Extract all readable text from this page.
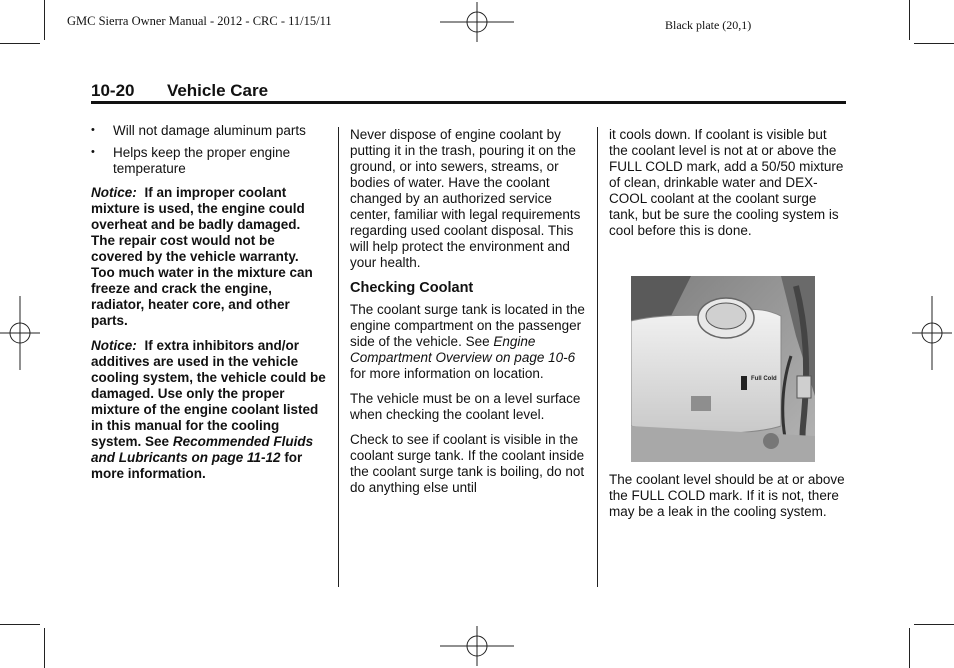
GMC Sierra Owner Manual - 2012 - CRC - 11/15/11	Black plate (20,1)
10-20 Vehicle Care
• Will not damage aluminum parts
• Helps keep the proper engine temperature

Notice: If an improper coolant mixture is used, the engine could overheat and be badly damaged. The repair cost would not be covered by the vehicle warranty. Too much water in the mixture can freeze and crack the engine, radiator, heater core, and other parts.

Notice: If extra inhibitors and/or additives are used in the vehicle cooling system, the vehicle could be damaged. Use only the proper mixture of the engine coolant listed in this manual for the cooling system. See Recommended Fluids and Lubricants on page 11-12 for more information.

Never dispose of engine coolant by putting it in the trash, pouring it on the ground, or into sewers, streams, or bodies of water. Have the coolant changed by an authorized service center, familiar with legal requirements regarding used coolant disposal. This will help protect the environment and your health.

Checking Coolant

The coolant surge tank is located in the engine compartment on the passenger side of the vehicle. See Engine Compartment Overview on page 10-6 for more information on location.

The vehicle must be on a level surface when checking the coolant level.

Check to see if coolant is visible in the coolant surge tank. If the coolant inside the coolant surge tank is boiling, do not do anything else until

it cools down. If coolant is visible but the coolant level is not at or above the FULL COLD mark, add a 50/50 mixture of clean, drinkable water and DEX-COOL coolant at the coolant surge tank, but be sure the cooling system is cool before this is done.

Full Cold

The coolant level should be at or above the FULL COLD mark. If it is not, there may be a leak in the cooling system.
